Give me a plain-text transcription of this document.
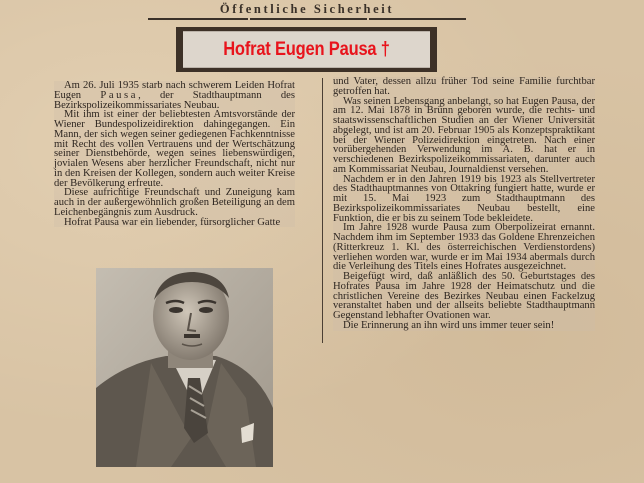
Öffentliche Sicherheit
Hofrat Eugen Pausa †

Am 26. Juli 1935 starb nach schwerem Leiden Hofrat Eugen Pausa, der Stadthauptmann des Bezirkspolizeikommissariates Neubau.

Mit ihm ist einer der beliebtesten Amtsvorstände der Wiener Bundespolizeidirektion dahingegangen. Ein Mann, der sich wegen seiner gediegenen Fachkenntnisse mit Recht des vollen Vertrauens und der Wertschätzung seiner Dienstbehörde, wegen seines liebenswürdigen, jovialen Wesens aber herzlicher Freundschaft, nicht nur in den Kreisen der Kollegen, sondern auch weiter Kreise der Bevölkerung erfreute.

Diese aufrichtige Freundschaft und Zuneigung kam auch in der außergewöhnlich großen Beteiligung an dem Leichenbegängnis zum Ausdruck.

Hofrat Pausa war ein liebender, fürsorglicher Gatte

und Vater, dessen allzu früher Tod seine Familie furchtbar getroffen hat.

Was seinen Lebensgang anbelangt, so hat Eugen Pausa, der am 12. Mai 1878 in Brünn geboren wurde, die rechts- und staatswissenschaftlichen Studien an der Wiener Universität abgelegt, und ist am 20. Februar 1905 als Konzeptspraktikant bei der Wiener Polizeidirektion eingetreten. Nach einer vorübergehenden Verwendung im A. B. hat er in verschiedenen Bezirkspolizeikommissariaten, darunter auch am Kommissariat Neubau, Journaldienst versehen.

Nachdem er in den Jahren 1919 bis 1923 als Stellvertreter des Stadthauptmannes von Ottakring fungiert hatte, wurde er mit 15. Mai 1923 zum Stadthauptmann des Bezirkspolizeikommissariates Neubau bestellt, eine Funktion, die er bis zu seinem Tode bekleidete.

Im Jahre 1928 wurde Pausa zum Oberpolizeirat ernannt. Nachdem ihm im September 1933 das Goldene Ehrenzeichen (Ritterkreuz 1. Kl. des österreichischen Verdienstordens) verliehen worden war, wurde er im Mai 1934 abermals durch die Verleihung des Titels eines Hofrates ausgezeichnet.

Beigefügt wird, daß anläßlich des 50. Geburtstages des Hofrates Pausa im Jahre 1928 der Heimatschutz und die christlichen Vereine des Bezirkes Neubau einen Fackelzug veranstaltet haben und der allseits beliebte Stadthauptmann Gegenstand lebhafter Ovationen war.

Die Erinnerung an ihn wird uns immer teuer sein!
